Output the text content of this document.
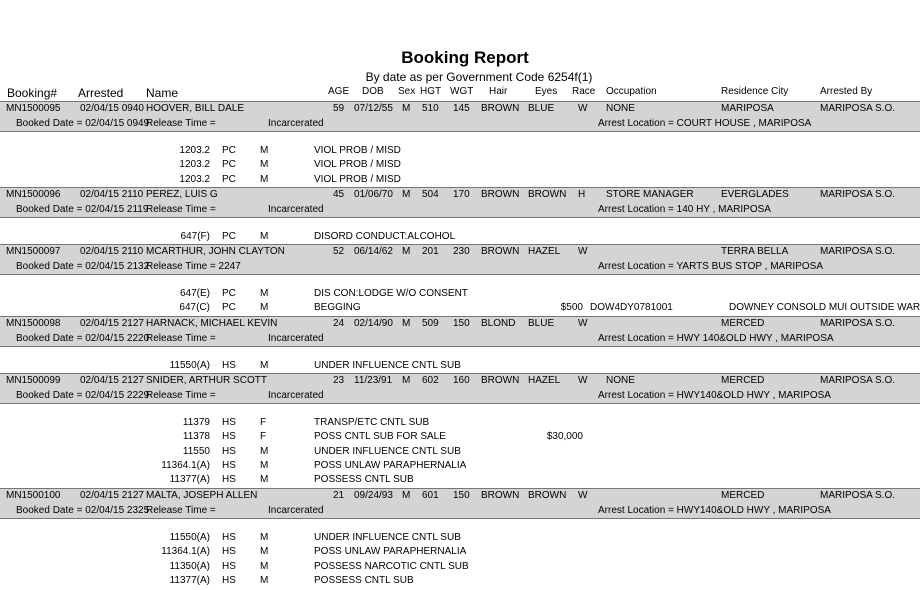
Booking Report
By date as per Government Code 6254f(1)
Booking# Arrested Name	AGE DOB Sex HGT WGT Hair	Eyes Race Occupation	Residence City	Arrested By
MN1500095 02/04/15 0940 HOOVER, BILL DALE	59 07/12/55 M 510 145 BROWN BLUE W NONE	MARIPOSA	MARIPOSA S.O.
Booked Date = 02/04/15 0949
Release Time =	Incarcerated	Arrest Location = COURT HOUSE , MARIPOSA
1203.2 PC M	VIOL PROB / MISD
1203.2 PC M	VIOL PROB / MISD
1203.2 PC M	VIOL PROB / MISD
MN1500096 02/04/15 2110 PEREZ, LUIS G	45 01/06/70 M 504 170 BROWN BROWN H STORE MANAGER	EVERGLADES	MARIPOSA S.O.
Booked Date = 02/04/15 2119
Release Time =	Incarcerated	Arrest Location = 140 HY , MARIPOSA
647(F) PC M	DISORD CONDUCT:ALCOHOL
MN1500097 02/04/15 2110 MCARTHUR, JOHN CLAYTON	52 06/14/62 M 201 230 BROWN HAZEL W	TERRA BELLA	MARIPOSA S.O.
Booked Date = 02/04/15 2132
Release Time = 2247	Arrest Location = YARTS BUS STOP , MARIPOSA
647(E) PC M	DIS CON:LODGE W/O CONSENT
647(C) PC M	BEGGING	$500 DOW4DY0781001	DOWNEY CONSOLD MUI OUTSIDE WAR
MN1500098 02/04/15 2127 HARNACK, MICHAEL KEVIN	24 02/14/90 M 509 150 BLOND BLUE W	MERCED	MARIPOSA S.O.
Booked Date = 02/04/15 2220
Release Time =	Incarcerated	Arrest Location = HWY 140&OLD HWY , MARIPOSA
11550(A) HS M	UNDER INFLUENCE CNTL SUB
MN1500099 02/04/15 2127 SNIDER, ARTHUR SCOTT	23 11/23/91 M 602 160 BROWN HAZEL W NONE	MERCED	MARIPOSA S.O.
Booked Date = 02/04/15 2229
Release Time =	Incarcerated	Arrest Location = HWY140&OLD HWY , MARIPOSA
11379 HS F	TRANSP/ETC CNTL SUB
11378 HS F	POSS CNTL SUB FOR SALE	$30,000
11550 HS M	UNDER INFLUENCE CNTL SUB
11364.1(A) HS M	POSS UNLAW PARAPHERNALIA
11377(A) HS M	POSSESS CNTL SUB
MN1500100 02/04/15 2127 MALTA, JOSEPH ALLEN	21 09/24/93 M 601 150 BROWN BROWN W	MERCED	MARIPOSA S.O.
Booked Date = 02/04/15 2325
Release Time =	Incarcerated	Arrest Location = HWY140&OLD HWY , MARIPOSA
11550(A) HS M	UNDER INFLUENCE CNTL SUB
11364.1(A) HS M	POSS UNLAW PARAPHERNALIA
11350(A) HS M	POSSESS NARCOTIC CNTL SUB
11377(A) HS M	POSSESS CNTL SUB
